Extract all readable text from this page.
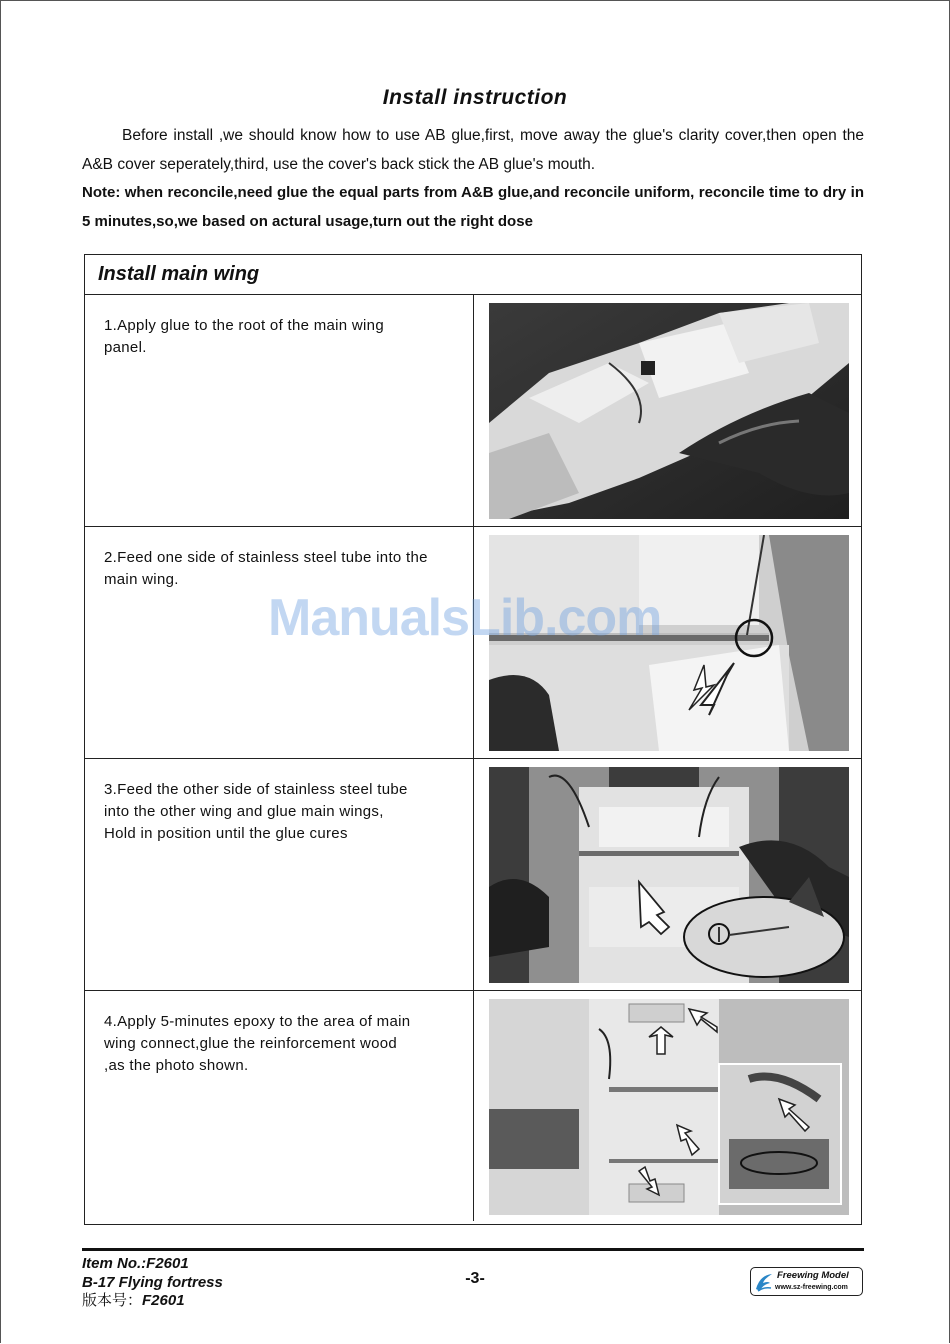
Install instruction

Before install ,we should know how to use AB glue,first, move away the glue's clarity cover,then open the A&B cover seperately,third, use the cover's back stick the AB glue's mouth.

Note: when reconcile,need glue the equal parts from A&B glue,and reconcile uniform, reconcile time to dry in 5 minutes,so,we based on actural usage,turn out the right dose

Install main wing
1.Apply glue to the root of the main wing
panel.
2.Feed one side of stainless steel tube into the
main wing.
3.Feed the other side of stainless steel tube
into the other wing and glue main wings,
Hold in position until the glue cures
4.Apply 5-minutes epoxy to the area of main
wing connect,glue the reinforcement wood
,as the photo shown.
ManualsLib.com
Item No.:F2601
B-17 Flying fortress
版本号：F2601
-3-	Freewing Model
www.sz-freewing.com
